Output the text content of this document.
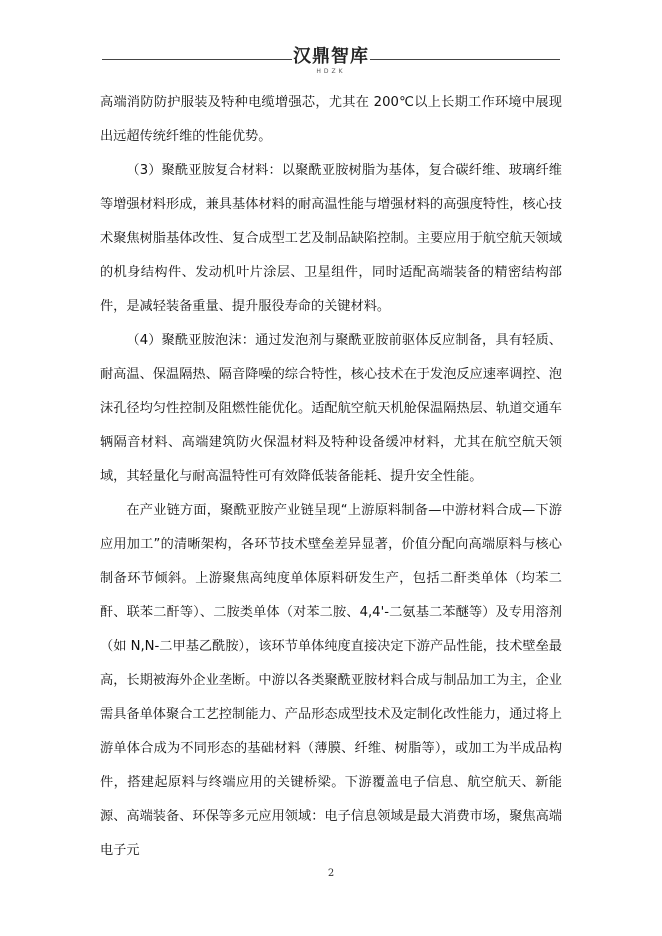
汉鼎智库
HDZK

高端消防防护服装及特种电缆增强芯，尤其在 200℃以上长期工作环境中展现出远超传统纤维的性能优势。

（3）聚酰亚胺复合材料：以聚酰亚胺树脂为基体，复合碳纤维、玻璃纤维等增强材料形成，兼具基体材料的耐高温性能与增强材料的高强度特性，核心技术聚焦树脂基体改性、复合成型工艺及制品缺陷控制。主要应用于航空航天领域的机身结构件、发动机叶片涂层、卫星组件，同时适配高端装备的精密结构部件，是减轻装备重量、提升服役寿命的关键材料。

（4）聚酰亚胺泡沫：通过发泡剂与聚酰亚胺前驱体反应制备，具有轻质、耐高温、保温隔热、隔音降噪的综合特性，核心技术在于发泡反应速率调控、泡沫孔径均匀性控制及阻燃性能优化。适配航空航天机舱保温隔热层、轨道交通车辆隔音材料、高端建筑防火保温材料及特种设备缓冲材料，尤其在航空航天领域，其轻量化与耐高温特性可有效降低装备能耗、提升安全性能。

在产业链方面，聚酰亚胺产业链呈现“上游原料制备—中游材料合成—下游应用加工”的清晰架构，各环节技术壁垒差异显著，价值分配向高端原料与核心制备环节倾斜。上游聚焦高纯度单体原料研发生产，包括二酐类单体（均苯二酐、联苯二酐等）、二胺类单体（对苯二胺、4,4'-二氨基二苯醚等）及专用溶剂（如 N,N-二甲基乙酰胺），该环节单体纯度直接决定下游产品性能，技术壁垒最高，长期被海外企业垄断。中游以各类聚酰亚胺材料合成与制品加工为主，企业需具备单体聚合工艺控制能力、产品形态成型技术及定制化改性能力，通过将上游单体合成为不同形态的基础材料（薄膜、纤维、树脂等），或加工为半成品构件，搭建起原料与终端应用的关键桥梁。下游覆盖电子信息、航空航天、新能源、高端装备、环保等多元应用领域：电子信息领域是最大消费市场，聚焦高端电子元

2
